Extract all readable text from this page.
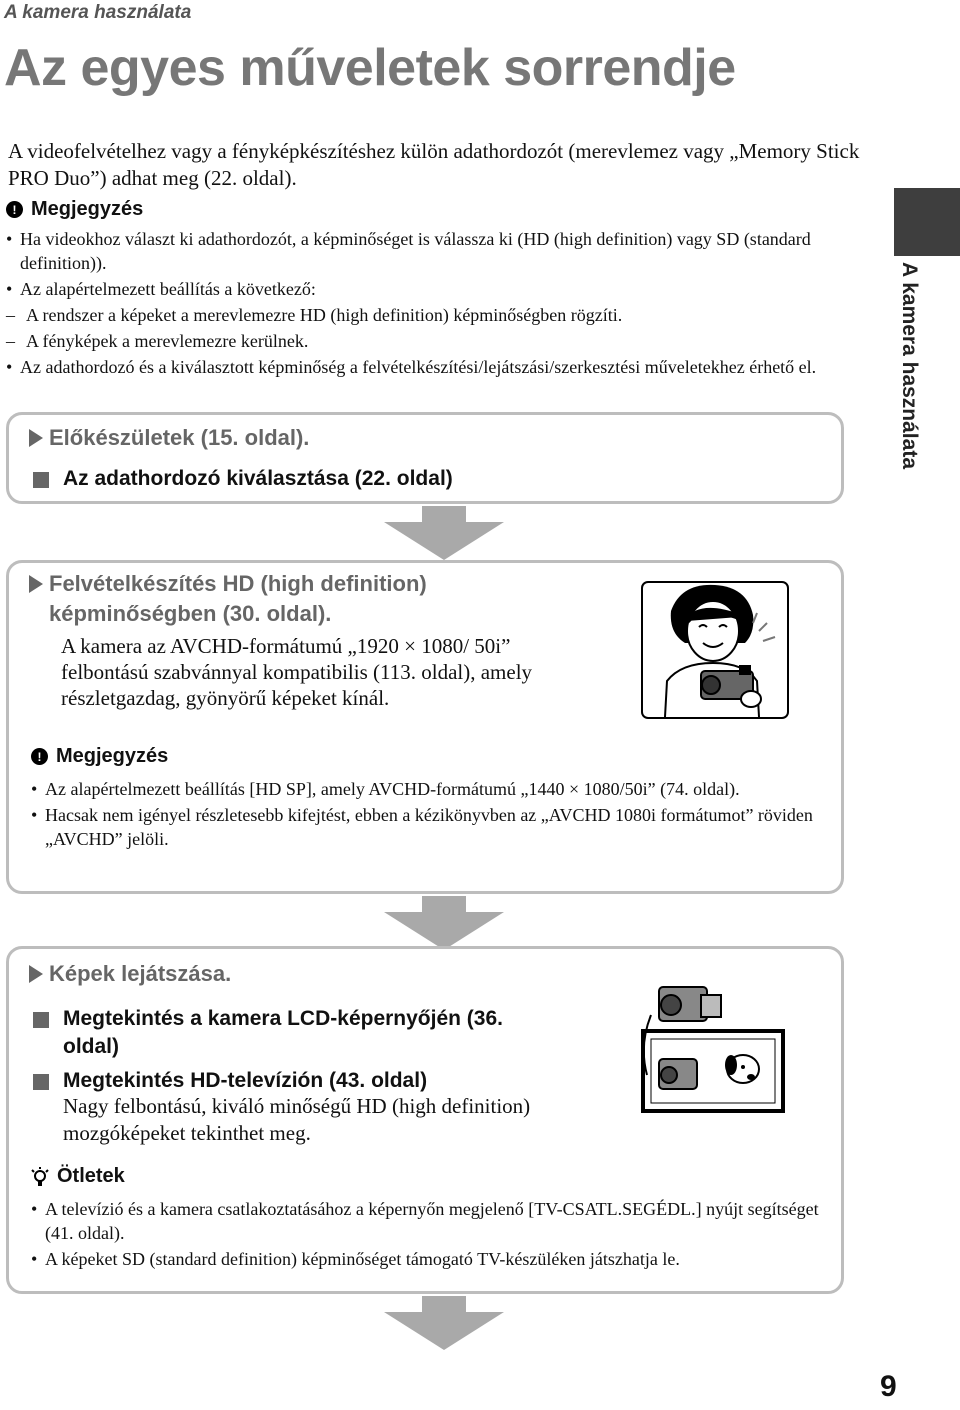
A kamera használata
Az egyes műveletek sorrendje
A videofelvételhez vagy a fényképkészítéshez külön adathordozót (merevlemez vagy „Memory Stick PRO Duo”) adhat meg (22. oldal).
! Megjegyzés
• Ha videokhoz választ ki adathordozót, a képminőséget is válassza ki (HD (high definition) vagy SD (standard definition)).
• Az alapértelmezett beállítás a következő:
– A rendszer a képeket a merevlemezre HD (high definition) képminőségben rögzíti.
– A fényképek a merevlemezre kerülnek.
• Az adathordozó és a kiválasztott képminőség a felvételkészítési/lejátszási/szerkesztési műveletekhez érhető el.
Előkészületek (15. oldal).
Az adathordozó kiválasztása (22. oldal)
Felvételkészítés HD (high definition)
képminőségben (30. oldal).
A kamera az AVCHD-formátumú „1920 × 1080/ 50i” felbontású szabvánnyal kompatibilis (113. oldal), amely részletgazdag, gyönyörű képeket kínál.
! Megjegyzés
• Az alapértelmezett beállítás [HD SP], amely AVCHD-formátumú „1440 × 1080/50i” (74. oldal).
• Hacsak nem igényel részletesebb kifejtést, ebben a kézikönyvben az „AVCHD 1080i formátumot” röviden „AVCHD” jelöli.
Képek lejátszása.
Megtekintés a kamera LCD-képernyőjén (36. oldal)
Megtekintés HD-televízión (43. oldal)
Nagy felbontású, kiváló minőségű HD (high definition) mozgóképeket tekinthet meg.
Ötletek
• A televízió és a kamera csatlakoztatásához a képernyőn megjelenő [TV-CSATL.SEGÉDL.] nyújt segítséget (41. oldal).
• A képeket SD (standard definition) képminőséget támogató TV-készüléken játszhatja le.
A kamera használata
9
